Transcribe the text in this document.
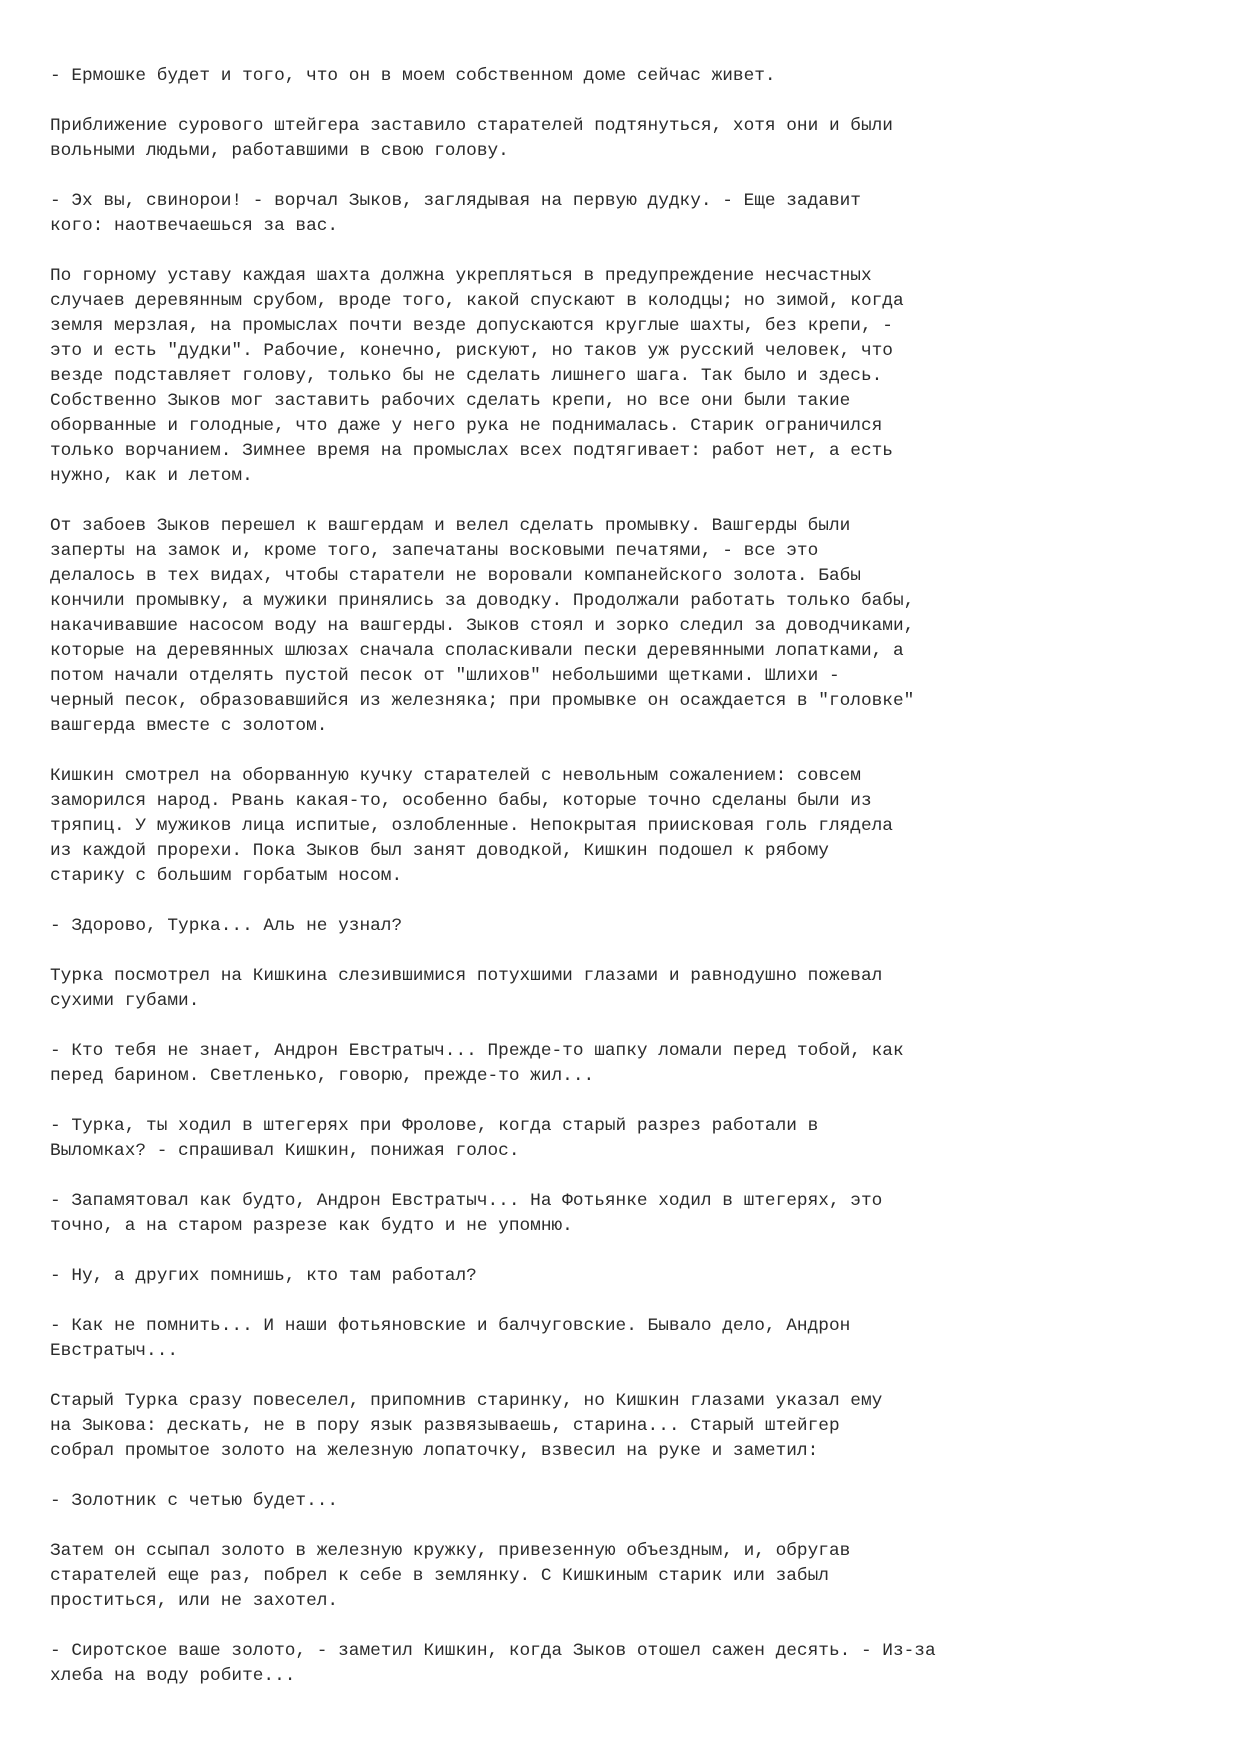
- Ермошке будет и того, что он в моем собственном доме сейчас живет.
Приближение сурового штейгера заставило старателей подтянуться, хотя они и были
вольными людьми, работавшими в свою голову.
- Эх вы, свинорои! - ворчал Зыков, заглядывая на первую дудку. - Еще задавит
кого: наотвечаешься за вас.
По горному уставу каждая шахта должна укрепляться в предупреждение несчастных
случаев деревянным срубом, вроде того, какой спускают в колодцы; но зимой, когда
земля мерзлая, на промыслах почти везде допускаются круглые шахты, без крепи, -
это и есть "дудки". Рабочие, конечно, рискуют, но таков уж русский человек, что
везде подставляет голову, только бы не сделать лишнего шага. Так было и здесь.
Собственно Зыков мог заставить рабочих сделать крепи, но все они были такие
оборванные и голодные, что даже у него рука не поднималась. Старик ограничился
только ворчанием. Зимнее время на промыслах всех подтягивает: работ нет, а есть
нужно, как и летом.
От забоев Зыков перешел к вашгердам и велел сделать промывку. Вашгерды были
заперты на замок и, кроме того, запечатаны восковыми печатями, - все это
делалось в тех видах, чтобы старатели не воровали компанейского золота. Бабы
кончили промывку, а мужики принялись за доводку. Продолжали работать только бабы,
накачивавшие насосом воду на вашгерды. Зыков стоял и зорко следил за доводчиками,
которые на деревянных шлюзах сначала споласкивали пески деревянными лопатками, а
потом начали отделять пустой песок от "шлихов" небольшими щетками. Шлихи -
черный песок, образовавшийся из железняка; при промывке он осаждается в "головке"
вашгерда вместе с золотом.
Кишкин смотрел на оборванную кучку старателей с невольным сожалением: совсем
заморился народ. Рвань какая-то, особенно бабы, которые точно сделаны были из
тряпиц. У мужиков лица испитые, озлобленные. Непокрытая приисковая голь глядела
из каждой прорехи. Пока Зыков был занят доводкой, Кишкин подошел к рябому
старику с большим горбатым носом.
- Здорово, Турка... Аль не узнал?
Турка посмотрел на Кишкина слезившимися потухшими глазами и равнодушно пожевал
сухими губами.
- Кто тебя не знает, Андрон Евстратыч... Прежде-то шапку ломали перед тобой, как
перед барином. Светленько, говорю, прежде-то жил...
- Турка, ты ходил в штегерях при Фролове, когда старый разрез работали в
Выломках? - спрашивал Кишкин, понижая голос.
- Запамятовал как будто, Андрон Евстратыч... На Фотьянке ходил в штегерях, это
точно, а на старом разрезе как будто и не упомню.
- Ну, а других помнишь, кто там работал?
- Как не помнить... И наши фотьяновские и балчуговские. Бывало дело, Андрон
Евстратыч...
Старый Турка сразу повеселел, припомнив старинку, но Кишкин глазами указал ему
на Зыкова: дескать, не в пору язык развязываешь, старина... Старый штейгер
собрал промытое золото на железную лопаточку, взвесил на руке и заметил:
- Золотник с четью будет...
Затем он ссыпал золото в железную кружку, привезенную объездным, и, обругав
старателей еще раз, побрел к себе в землянку. С Кишкиным старик или забыл
проститься, или не захотел.
- Сиротское ваше золото, - заметил Кишкин, когда Зыков отошел сажен десять. - Из-за
хлеба на воду робите...
